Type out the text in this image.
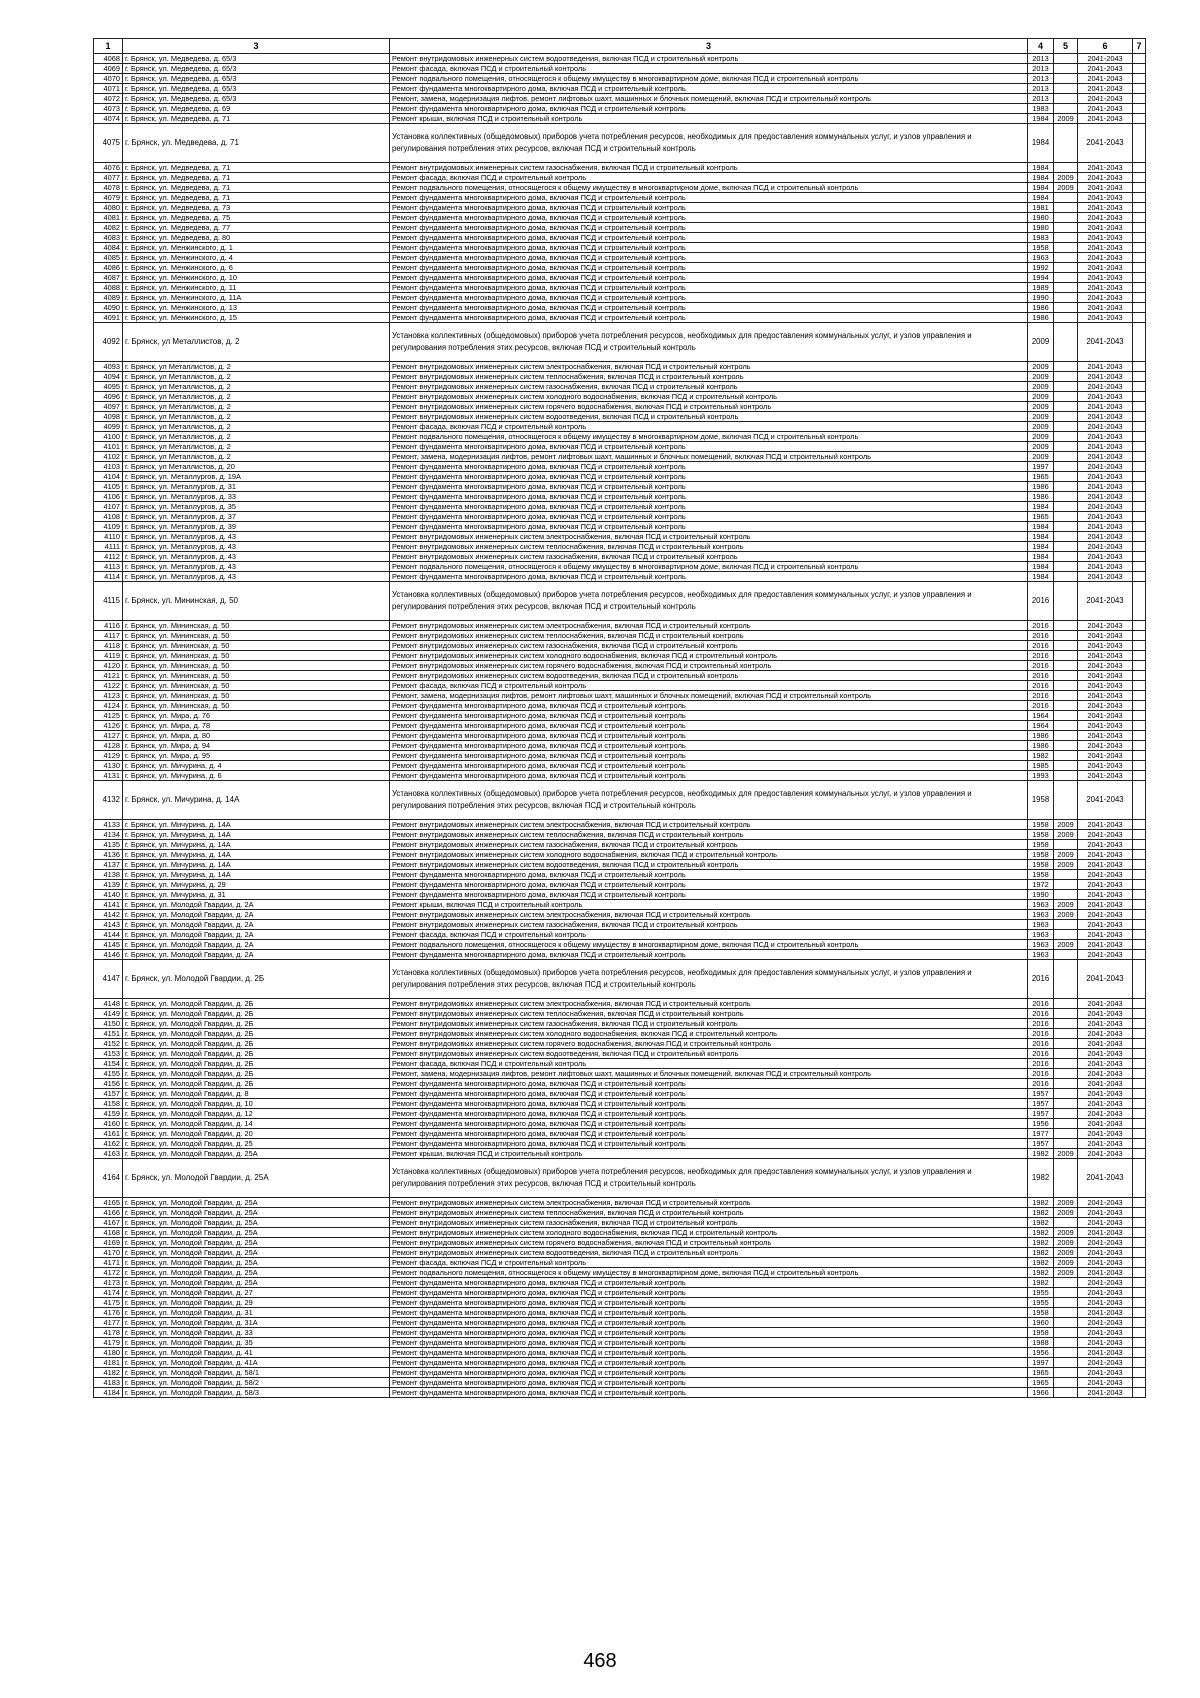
1	3	3	4	5	6	7
4068	г. Брянск, ул. Медведева, д. 65/3	Ремонт внутридомовых инженерных систем водоотведения, включая ПСД и строительный контроль	2013		2041-2043	
4069	г. Брянск, ул. Медведева, д. 65/3	Ремонт фасада, включая ПСД и строительный контроль	2013		2041-2043	
4070	г. Брянск, ул. Медведева, д. 65/3	Ремонт подвального помещения, относящегося к общему имуществу в многоквартирном доме, включая ПСД и строительный контроль	2013		2041-2043	
4071	г. Брянск, ул. Медведева, д. 65/3	Ремонт фундамента многоквартирного дома, включая ПСД и строительный контроль	2013		2041-2043	
4072	г. Брянск, ул. Медведева, д. 65/3	Ремонт, замена, модернизация лифтов, ремонт лифтовых шахт, машинных и блочных помещений, включая ПСД и строительный контроль	2013		2041-2043	
4073	г. Брянск, ул. Медведева, д. 69	Ремонт фундамента многоквартирного дома, включая ПСД и строительный контроль	1983		2041-2043	
4074	г. Брянск, ул. Медведева, д. 71	Ремонт крыши, включая ПСД и строительный контроль	1984	2009	2041-2043	
4075	г. Брянск, ул. Медведева, д. 71	Установка коллективных (общедомовых) приборов учета потребления ресурсов, необходимых для предоставления коммунальных услуг, и узлов управления и регулирования потребления этих ресурсов, включая ПСД и строительный контроль	1984		2041-2043	
4076	г. Брянск, ул. Медведева, д. 71	Ремонт внутридомовых инженерных систем газоснабжения, включая ПСД и строительный контроль	1984		2041-2043	
4077	г. Брянск, ул. Медведева, д. 71	Ремонт фасада, включая ПСД и строительный контроль	1984	2009	2041-2043	
4078	г. Брянск, ул. Медведева, д. 71	Ремонт подвального помещения, относящегося к общему имуществу в многоквартирном доме, включая ПСД и строительный контроль	1984	2009	2041-2043	
4079	г. Брянск, ул. Медведева, д. 71	Ремонт фундамента многоквартирного дома, включая ПСД и строительный контроль	1984		2041-2043	
4080	г. Брянск, ул. Медведева, д. 73	Ремонт фундамента многоквартирного дома, включая ПСД и строительный контроль	1981		2041-2043	
4081	г. Брянск, ул. Медведева, д. 75	Ремонт фундамента многоквартирного дома, включая ПСД и строительный контроль	1980		2041-2043	
4082	г. Брянск, ул. Медведева, д. 77	Ремонт фундамента многоквартирного дома, включая ПСД и строительный контроль	1980		2041-2043	
4083	г. Брянск, ул. Медведева, д. 80	Ремонт фундамента многоквартирного дома, включая ПСД и строительный контроль	1983		2041-2043	
4084	г. Брянск, ул. Менжинского, д. 1	Ремонт фундамента многоквартирного дома, включая ПСД и строительный контроль	1958		2041-2043	
4085	г. Брянск, ул. Менжинского, д. 4	Ремонт фундамента многоквартирного дома, включая ПСД и строительный контроль	1963		2041-2043	
4086	г. Брянск, ул. Менжинского, д. 6	Ремонт фундамента многоквартирного дома, включая ПСД и строительный контроль	1992		2041-2043	
4087	г. Брянск, ул. Менжинского, д. 10	Ремонт фундамента многоквартирного дома, включая ПСД и строительный контроль	1994		2041-2043	
4088	г. Брянск, ул. Менжинского, д. 11	Ремонт фундамента многоквартирного дома, включая ПСД и строительный контроль	1989		2041-2043	
4089	г. Брянск, ул. Менжинского, д. 11А	Ремонт фундамента многоквартирного дома, включая ПСД и строительный контроль	1990		2041-2043	
4090	г. Брянск, ул. Менжинского, д. 13	Ремонт фундамента многоквартирного дома, включая ПСД и строительный контроль	1986		2041-2043	
4091	г. Брянск, ул. Менжинского, д. 15	Ремонт фундамента многоквартирного дома, включая ПСД и строительный контроль	1986		2041-2043	
4092	г. Брянск, ул Металлистов, д. 2	Установка коллективных (общедомовых) приборов учета потребления ресурсов, необходимых для предоставления коммунальных услуг, и узлов управления и регулирования потребления этих ресурсов, включая ПСД и строительный контроль	2009		2041-2043	
4093	г. Брянск, ул Металлистов, д. 2	Ремонт внутридомовых инженерных систем электроснабжения, включая ПСД и строительный контроль	2009		2041-2043	
4094	г. Брянск, ул Металлистов, д. 2	Ремонт внутридомовых инженерных систем теплоснабжения, включая ПСД и строительный контроль	2009		2041-2043	
4095	г. Брянск, ул Металлистов, д. 2	Ремонт внутридомовых инженерных систем газоснабжения, включая ПСД и строительный контроль	2009		2041-2043	
4096	г. Брянск, ул Металлистов, д. 2	Ремонт внутридомовых инженерных систем холодного водоснабжения, включая ПСД и строительный контроль	2009		2041-2043	
4097	г. Брянск, ул Металлистов, д. 2	Ремонт внутридомовых инженерных систем горячего водоснабжения, включая ПСД и строительный контроль	2009		2041-2043	
4098	г. Брянск, ул Металлистов, д. 2	Ремонт внутридомовых инженерных систем водоотведения, включая ПСД и строительный контроль	2009		2041-2043	
4099	г. Брянск, ул Металлистов, д. 2	Ремонт фасада, включая ПСД и строительный контроль	2009		2041-2043	
4100	г. Брянск, ул Металлистов, д. 2	Ремонт подвального помещения, относящегося к общему имуществу в многоквартирном доме, включая ПСД и строительный контроль	2009		2041-2043	
4101	г. Брянск, ул Металлистов, д. 2	Ремонт фундамента многоквартирного дома, включая ПСД и строительный контроль	2009		2041-2043	
4102	г. Брянск, ул Металлистов, д. 2	Ремонт, замена, модернизация лифтов, ремонт лифтовых шахт, машинных и блочных помещений, включая ПСД и строительный контроль	2009		2041-2043	
4103	г. Брянск, ул Металлистов, д. 20	Ремонт фундамента многоквартирного дома, включая ПСД и строительный контроль	1997		2041-2043	
4104	г. Брянск, ул. Металлургов, д. 19А	Ремонт фундамента многоквартирного дома, включая ПСД и строительный контроль	1965		2041-2043	
4105	г. Брянск, ул. Металлургов, д. 31	Ремонт фундамента многоквартирного дома, включая ПСД и строительный контроль	1986		2041-2043	
4106	г. Брянск, ул. Металлургов, д. 33	Ремонт фундамента многоквартирного дома, включая ПСД и строительный контроль	1986		2041-2043	
4107	г. Брянск, ул. Металлургов, д. 35	Ремонт фундамента многоквартирного дома, включая ПСД и строительный контроль	1984		2041-2043	
4108	г. Брянск, ул. Металлургов, д. 37	Ремонт фундамента многоквартирного дома, включая ПСД и строительный контроль	1965		2041-2043	
4109	г. Брянск, ул. Металлургов, д. 39	Ремонт фундамента многоквартирного дома, включая ПСД и строительный контроль	1984		2041-2043	
4110	г. Брянск, ул. Металлургов, д. 43	Ремонт внутридомовых инженерных систем электроснабжения, включая ПСД и строительный контроль	1984		2041-2043	
4111	г. Брянск, ул. Металлургов, д. 43	Ремонт внутридомовых инженерных систем теплоснабжения, включая ПСД и строительный контроль	1984		2041-2043	
4112	г. Брянск, ул. Металлургов, д. 43	Ремонт внутридомовых инженерных систем газоснабжения, включая ПСД и строительный контроль	1984		2041-2043	
4113	г. Брянск, ул. Металлургов, д. 43	Ремонт подвального помещения, относящегося к общему имуществу в многоквартирном доме, включая ПСД и строительный контроль	1984		2041-2043	
4114	г. Брянск, ул. Металлургов, д. 43	Ремонт фундамента многоквартирного дома, включая ПСД и строительный контроль	1984		2041-2043	
4115	г. Брянск, ул. Мининская, д. 50	Установка коллективных (общедомовых) приборов учета потребления ресурсов, необходимых для предоставления коммунальных услуг, и узлов управления и регулирования потребления этих ресурсов, включая ПСД и строительный контроль	2016		2041-2043	
4116	г. Брянск, ул. Мининская, д. 50	Ремонт внутридомовых инженерных систем электроснабжения, включая ПСД и строительный контроль	2016		2041-2043	
4117	г. Брянск, ул. Мининская, д. 50	Ремонт внутридомовых инженерных систем теплоснабжения, включая ПСД и строительный контроль	2016		2041-2043	
4118	г. Брянск, ул. Мининская, д. 50	Ремонт внутридомовых инженерных систем газоснабжения, включая ПСД и строительный контроль	2016		2041-2043	
4119	г. Брянск, ул. Мининская, д. 50	Ремонт внутридомовых инженерных систем холодного водоснабжения, включая ПСД и строительный контроль	2016		2041-2043	
4120	г. Брянск, ул. Мининская, д. 50	Ремонт внутридомовых инженерных систем горячего водоснабжения, включая ПСД и строительный контроль	2016		2041-2043	
4121	г. Брянск, ул. Мининская, д. 50	Ремонт внутридомовых инженерных систем водоотведения, включая ПСД и строительный контроль	2016		2041-2043	
4122	г. Брянск, ул. Мининская, д. 50	Ремонт фасада, включая ПСД и строительный контроль	2016		2041-2043	
4123	г. Брянск, ул. Мининская, д. 50	Ремонт, замена, модернизация лифтов, ремонт лифтовых шахт, машинных и блочных помещений, включая ПСД и строительный контроль	2016		2041-2043	
4124	г. Брянск, ул. Мининская, д. 50	Ремонт фундамента многоквартирного дома, включая ПСД и строительный контроль	2016		2041-2043	
4125	г. Брянск, ул. Мира, д. 76	Ремонт фундамента многоквартирного дома, включая ПСД и строительный контроль	1964		2041-2043	
4126	г. Брянск, ул. Мира, д. 78	Ремонт фундамента многоквартирного дома, включая ПСД и строительный контроль	1964		2041-2043	
4127	г. Брянск, ул. Мира, д. 80	Ремонт фундамента многоквартирного дома, включая ПСД и строительный контроль	1986		2041-2043	
4128	г. Брянск, ул. Мира, д. 94	Ремонт фундамента многоквартирного дома, включая ПСД и строительный контроль	1986		2041-2043	
4129	г. Брянск, ул. Мира, д. 95	Ремонт фундамента многоквартирного дома, включая ПСД и строительный контроль	1982		2041-2043	
4130	г. Брянск, ул. Мичурина, д. 4	Ремонт фундамента многоквартирного дома, включая ПСД и строительный контроль	1985		2041-2043	
4131	г. Брянск, ул. Мичурина, д. 6	Ремонт фундамента многоквартирного дома, включая ПСД и строительный контроль	1993		2041-2043	
4132	г. Брянск, ул. Мичурина, д. 14А	Установка коллективных (общедомовых) приборов учета потребления ресурсов, необходимых для предоставления коммунальных услуг, и узлов управления и регулирования потребления этих ресурсов, включая ПСД и строительный контроль	1958		2041-2043	
4133	г. Брянск, ул. Мичурина, д. 14А	Ремонт внутридомовых инженерных систем электроснабжения, включая ПСД и строительный контроль	1958	2009	2041-2043	
4134	г. Брянск, ул. Мичурина, д. 14А	Ремонт внутридомовых инженерных систем теплоснабжения, включая ПСД и строительный контроль	1958	2009	2041-2043	
4135	г. Брянск, ул. Мичурина, д. 14А	Ремонт внутридомовых инженерных систем газоснабжения, включая ПСД и строительный контроль	1958		2041-2043	
4136	г. Брянск, ул. Мичурина, д. 14А	Ремонт внутридомовых инженерных систем холодного водоснабжения, включая ПСД и строительный контроль	1958	2009	2041-2043	
4137	г. Брянск, ул. Мичурина, д. 14А	Ремонт внутридомовых инженерных систем водоотведения, включая ПСД и строительный контроль	1958	2009	2041-2043	
4138	г. Брянск, ул. Мичурина, д. 14А	Ремонт фундамента многоквартирного дома, включая ПСД и строительный контроль	1958		2041-2043	
4139	г. Брянск, ул. Мичурина, д. 29	Ремонт фундамента многоквартирного дома, включая ПСД и строительный контроль	1972		2041-2043	
4140	г. Брянск, ул. Мичурина, д. 31	Ремонт фундамента многоквартирного дома, включая ПСД и строительный контроль	1990		2041-2043	
4141	г. Брянск, ул. Молодой Гвардии, д. 2А	Ремонт крыши, включая ПСД и строительный контроль	1963	2009	2041-2043	
4142	г. Брянск, ул. Молодой Гвардии, д. 2А	Ремонт внутридомовых инженерных систем электроснабжения, включая ПСД и строительный контроль	1963	2009	2041-2043	
4143	г. Брянск, ул. Молодой Гвардии, д. 2А	Ремонт внутридомовых инженерных систем газоснабжения, включая ПСД и строительный контроль	1963		2041-2043	
4144	г. Брянск, ул. Молодой Гвардии, д. 2А	Ремонт фасада, включая ПСД и строительный контроль	1963		2041-2043	
4145	г. Брянск, ул. Молодой Гвардии, д. 2А	Ремонт подвального помещения, относящегося к общему имуществу в многоквартирном доме, включая ПСД и строительный контроль	1963	2009	2041-2043	
4146	г. Брянск, ул. Молодой Гвардии, д. 2А	Ремонт фундамента многоквартирного дома, включая ПСД и строительный контроль	1963		2041-2043	
4147	г. Брянск, ул. Молодой Гвардии, д. 2Б	Установка коллективных (общедомовых) приборов учета потребления ресурсов, необходимых для предоставления коммунальных услуг, и узлов управления и регулирования потребления этих ресурсов, включая ПСД и строительный контроль	2016		2041-2043	
4148	г. Брянск, ул. Молодой Гвардии, д. 2Б	Ремонт внутридомовых инженерных систем электроснабжения, включая ПСД и строительный контроль	2016		2041-2043	
4149	г. Брянск, ул. Молодой Гвардии, д. 2Б	Ремонт внутридомовых инженерных систем теплоснабжения, включая ПСД и строительный контроль	2016		2041-2043	
4150	г. Брянск, ул. Молодой Гвардии, д. 2Б	Ремонт внутридомовых инженерных систем газоснабжения, включая ПСД и строительный контроль	2016		2041-2043	
4151	г. Брянск, ул. Молодой Гвардии, д. 2Б	Ремонт внутридомовых инженерных систем холодного водоснабжения, включая ПСД и строительный контроль	2016		2041-2043	
4152	г. Брянск, ул. Молодой Гвардии, д. 2Б	Ремонт внутридомовых инженерных систем горячего водоснабжения, включая ПСД и строительный контроль	2016		2041-2043	
4153	г. Брянск, ул. Молодой Гвардии, д. 2Б	Ремонт внутридомовых инженерных систем водоотведения, включая ПСД и строительный контроль	2016		2041-2043	
4154	г. Брянск, ул. Молодой Гвардии, д. 2Б	Ремонт фасада, включая ПСД и строительный контроль	2016		2041-2043	
4155	г. Брянск, ул. Молодой Гвардии, д. 2Б	Ремонт, замена, модернизация лифтов, ремонт лифтовых шахт, машинных и блочных помещений, включая ПСД и строительный контроль	2016		2041-2043	
4156	г. Брянск, ул. Молодой Гвардии, д. 2Б	Ремонт фундамента многоквартирного дома, включая ПСД и строительный контроль	2016		2041-2043	
4157	г. Брянск, ул. Молодой Гвардии, д. 8	Ремонт фундамента многоквартирного дома, включая ПСД и строительный контроль	1957		2041-2043	
4158	г. Брянск, ул. Молодой Гвардии, д. 10	Ремонт фундамента многоквартирного дома, включая ПСД и строительный контроль	1957		2041-2043	
4159	г. Брянск, ул. Молодой Гвардии, д. 12	Ремонт фундамента многоквартирного дома, включая ПСД и строительный контроль	1957		2041-2043	
4160	г. Брянск, ул. Молодой Гвардии, д. 14	Ремонт фундамента многоквартирного дома, включая ПСД и строительный контроль	1956		2041-2043	
4161	г. Брянск, ул. Молодой Гвардии, д. 20	Ремонт фундамента многоквартирного дома, включая ПСД и строительный контроль	1977		2041-2043	
4162	г. Брянск, ул. Молодой Гвардии, д. 25	Ремонт фундамента многоквартирного дома, включая ПСД и строительный контроль	1957		2041-2043	
4163	г. Брянск, ул. Молодой Гвардии, д. 25А	Ремонт крыши, включая ПСД и строительный контроль	1982	2009	2041-2043	
4164	г. Брянск, ул. Молодой Гвардии, д. 25А	Установка коллективных (общедомовых) приборов учета потребления ресурсов, необходимых для предоставления коммунальных услуг, и узлов управления и регулирования потребления этих ресурсов, включая ПСД и строительный контроль	1982		2041-2043	
4165	г. Брянск, ул. Молодой Гвардии, д. 25А	Ремонт внутридомовых инженерных систем электроснабжения, включая ПСД и строительный контроль	1982	2009	2041-2043	
4166	г. Брянск, ул. Молодой Гвардии, д. 25А	Ремонт внутридомовых инженерных систем теплоснабжения, включая ПСД и строительный контроль	1982	2009	2041-2043	
4167	г. Брянск, ул. Молодой Гвардии, д. 25А	Ремонт внутридомовых инженерных систем газоснабжения, включая ПСД и строительный контроль	1982		2041-2043	
4168	г. Брянск, ул. Молодой Гвардии, д. 25А	Ремонт внутридомовых инженерных систем холодного водоснабжения, включая ПСД и строительный контроль	1982	2009	2041-2043	
4169	г. Брянск, ул. Молодой Гвардии, д. 25А	Ремонт внутридомовых инженерных систем горячего водоснабжения, включая ПСД и строительный контроль	1982	2009	2041-2043	
4170	г. Брянск, ул. Молодой Гвардии, д. 25А	Ремонт внутридомовых инженерных систем водоотведения, включая ПСД и строительный контроль	1982	2009	2041-2043	
4171	г. Брянск, ул. Молодой Гвардии, д. 25А	Ремонт фасада, включая ПСД и строительный контроль	1982	2009	2041-2043	
4172	г. Брянск, ул. Молодой Гвардии, д. 25А	Ремонт подвального помещения, относящегося к общему имуществу в многоквартирном доме, включая ПСД и строительный контроль	1982	2009	2041-2043	
4173	г. Брянск, ул. Молодой Гвардии, д. 25А	Ремонт фундамента многоквартирного дома, включая ПСД и строительный контроль	1982		2041-2043	
4174	г. Брянск, ул. Молодой Гвардии, д. 27	Ремонт фундамента многоквартирного дома, включая ПСД и строительный контроль	1955		2041-2043	
4175	г. Брянск, ул. Молодой Гвардии, д. 29	Ремонт фундамента многоквартирного дома, включая ПСД и строительный контроль	1955		2041-2043	
4176	г. Брянск, ул. Молодой Гвардии, д. 31	Ремонт фундамента многоквартирного дома, включая ПСД и строительный контроль	1958		2041-2043	
4177	г. Брянск, ул. Молодой Гвардии, д. 31А	Ремонт фундамента многоквартирного дома, включая ПСД и строительный контроль	1960		2041-2043	
4178	г. Брянск, ул. Молодой Гвардии, д. 33	Ремонт фундамента многоквартирного дома, включая ПСД и строительный контроль	1958		2041-2043	
4179	г. Брянск, ул. Молодой Гвардии, д. 35	Ремонт фундамента многоквартирного дома, включая ПСД и строительный контроль	1988		2041-2043	
4180	г. Брянск, ул. Молодой Гвардии, д. 41	Ремонт фундамента многоквартирного дома, включая ПСД и строительный контроль	1956		2041-2043	
4181	г. Брянск, ул. Молодой Гвардии, д. 41А	Ремонт фундамента многоквартирного дома, включая ПСД и строительный контроль	1997		2041-2043	
4182	г. Брянск, ул. Молодой Гвардии, д. 58/1	Ремонт фундамента многоквартирного дома, включая ПСД и строительный контроль	1965		2041-2043	
4183	г. Брянск, ул. Молодой Гвардии, д. 58/2	Ремонт фундамента многоквартирного дома, включая ПСД и строительный контроль	1965		2041-2043	
4184	г. Брянск, ул. Молодой Гвардии, д. 58/3	Ремонт фундамента многоквартирного дома, включая ПСД и строительный контроль	1966		2041-2043	
468
